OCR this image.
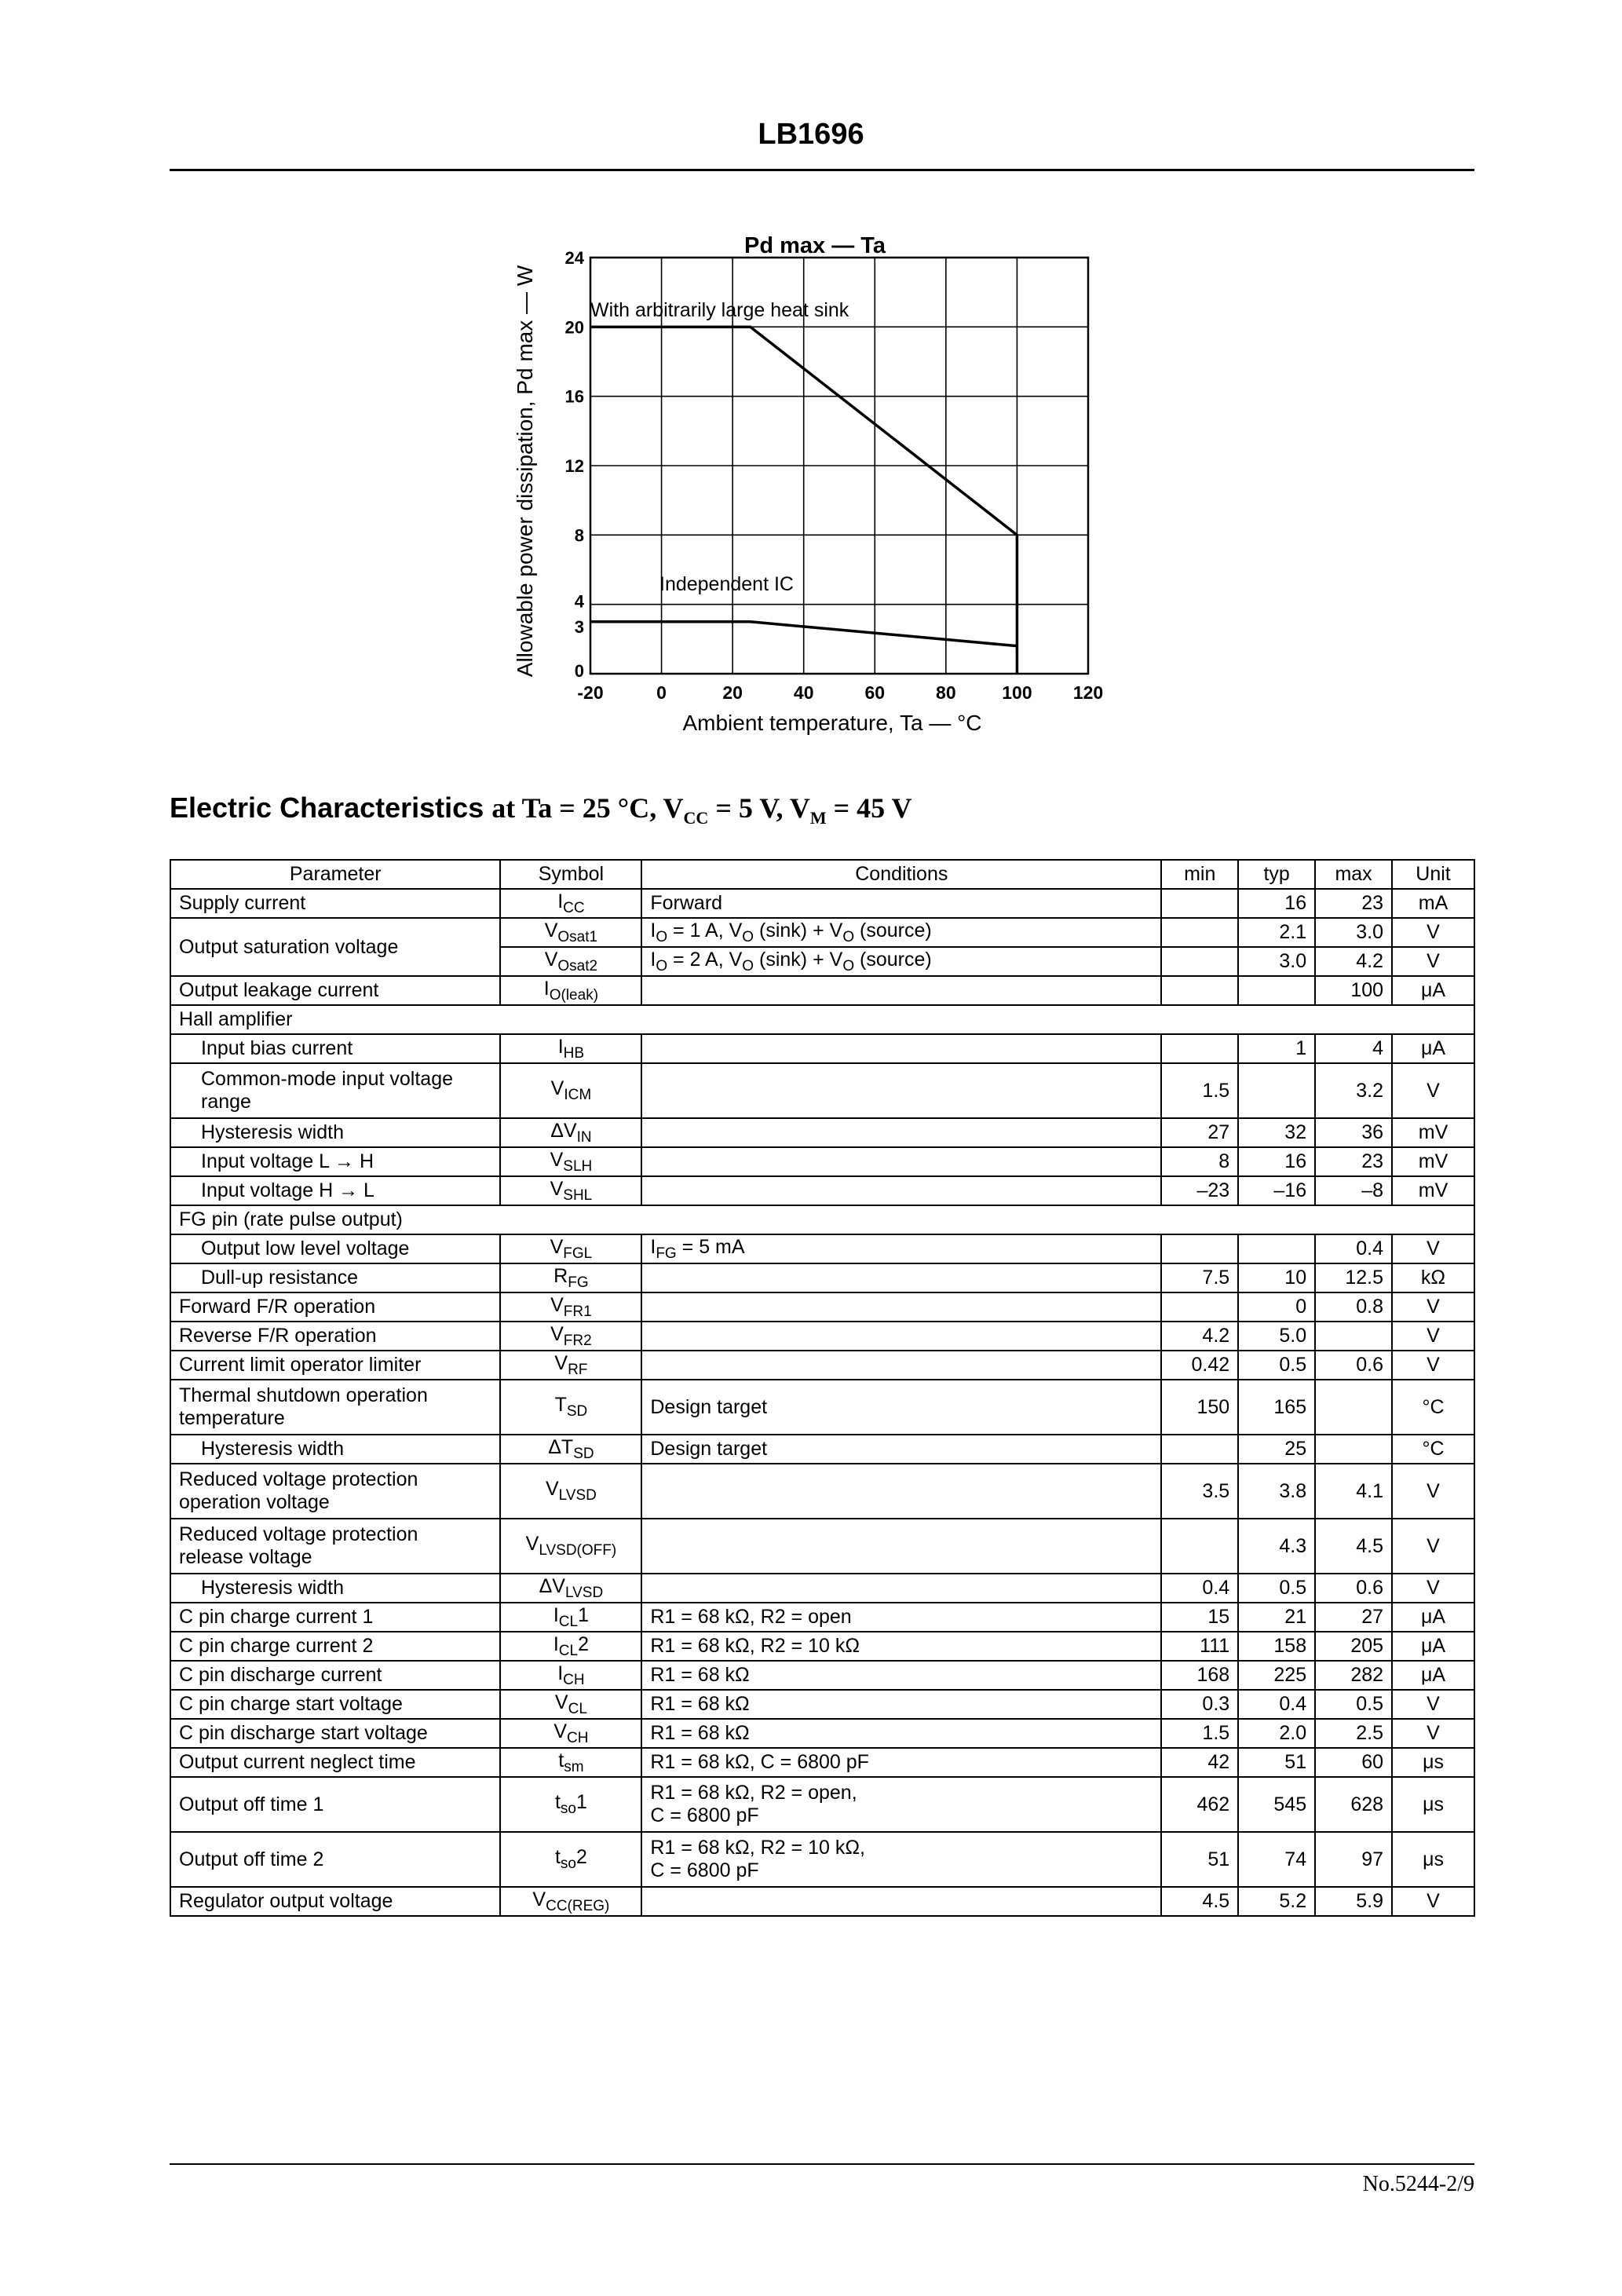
LB1696
-20	0	20	40	60	80	100 120
0
3
4
8
12
16
20
24	Pd max — Ta
Ambient temperature, Ta — °C
Allowable power dissipation, Pd max — W	With arbitrarily large heat sink
Independent IC
Electric Characteristics at Ta = 25 °C, $V_{CC} = 5$ V, $V_M = 45$ V
Parameter	Symbol	Conditions	min	typ	max	Unit
Supply current	$I_{CC}$	Forward		16	23	mA
Output saturation voltage	$V_{Osat1}$	$I_O = 1$ A, $V_O$ $(\sin k) + V_O$ (source)		2.1	3.0	V
	$V_{Osat2}$	$I_O = 2$ A, $V_O$ $(\sin k) + V_O$ (source)		3.0	4.2	V
Output leakage current	$I_{O(leak)}$				100	μA
Hall amplifier						
Input bias current	$I_{HB}$			1	4	μA
Common-mode input voltage
range	$V_{ICM}$		1.5		3.2	V
Hysteresis width	$\Delta V_{IN}$		27	32	36	mV
Input voltage L → H	$V_{SLH}$		8	16	23	mV
Input voltage H → L	$V_{SHL}$		–23	–16	–8	mV
FG pin (rate pulse output)						
Output low level voltage	$V_{FGL}$	$I_{FG} = 5$ mA			0.4	V
Dull-up resistance	$R_{FG}$		7.5	10	12.5	kΩ
Forward F/R operation	$V_{FR1}$			0	0.8	V
Reverse F/R operation	$V_{FR2}$		4.2	5.0		V
Current limit operator limiter	$V_{RF}$		0.42	0.5	0.6	V
Thermal shutdown operation
temperature	$T_{SD}$	Design target	150	165		°C
Hysteresis width	$\Delta T_{SD}$	Design target		25		°C
Reduced voltage protection
operation voltage	$V_{LVSD}$		3.5	3.8	4.1	V
Reduced voltage protection
release voltage	$V_{LVSD(OFF)}$			4.3	4.5	V
Hysteresis width	$\Delta V_{LVSD}$		0.4	0.5	0.6	V
C pin charge current 1	$I_{CL}1$	R1 = 68 kΩ, R2 = open	15	21	27	μA
C pin charge current 2	$I_{CL}2$	R1 = 68 kΩ, R2 = 10 kΩ	111	158	205	μA
C pin discharge current	$I_{CH}$	R1 = 68 kΩ	168	225	282	μA
C pin charge start voltage	$V_{CL}$	R1 = 68 kΩ	0.3	0.4	0.5	V
C pin discharge start voltage	$V_{CH}$	R1 = 68 kΩ	1.5	2.0	2.5	V
Output current neglect time	$t_{sm}$	R1 = 68 kΩ, C = 6800 pF	42	51	60	μs
Output off time 1	$t_{so}1$	R1 = 68 kΩ, R2 = open,
C = 6800 pF	462	545	628	μs
Output off time 2	$t_{so}2$	R1 = 68 kΩ, R2 = 10 kΩ,
C = 6800 pF	51	74	97	μs
Regulator output voltage	$V_{CC(REG)}$		4.5	5.2	5.9	V
No.5244-2/9
